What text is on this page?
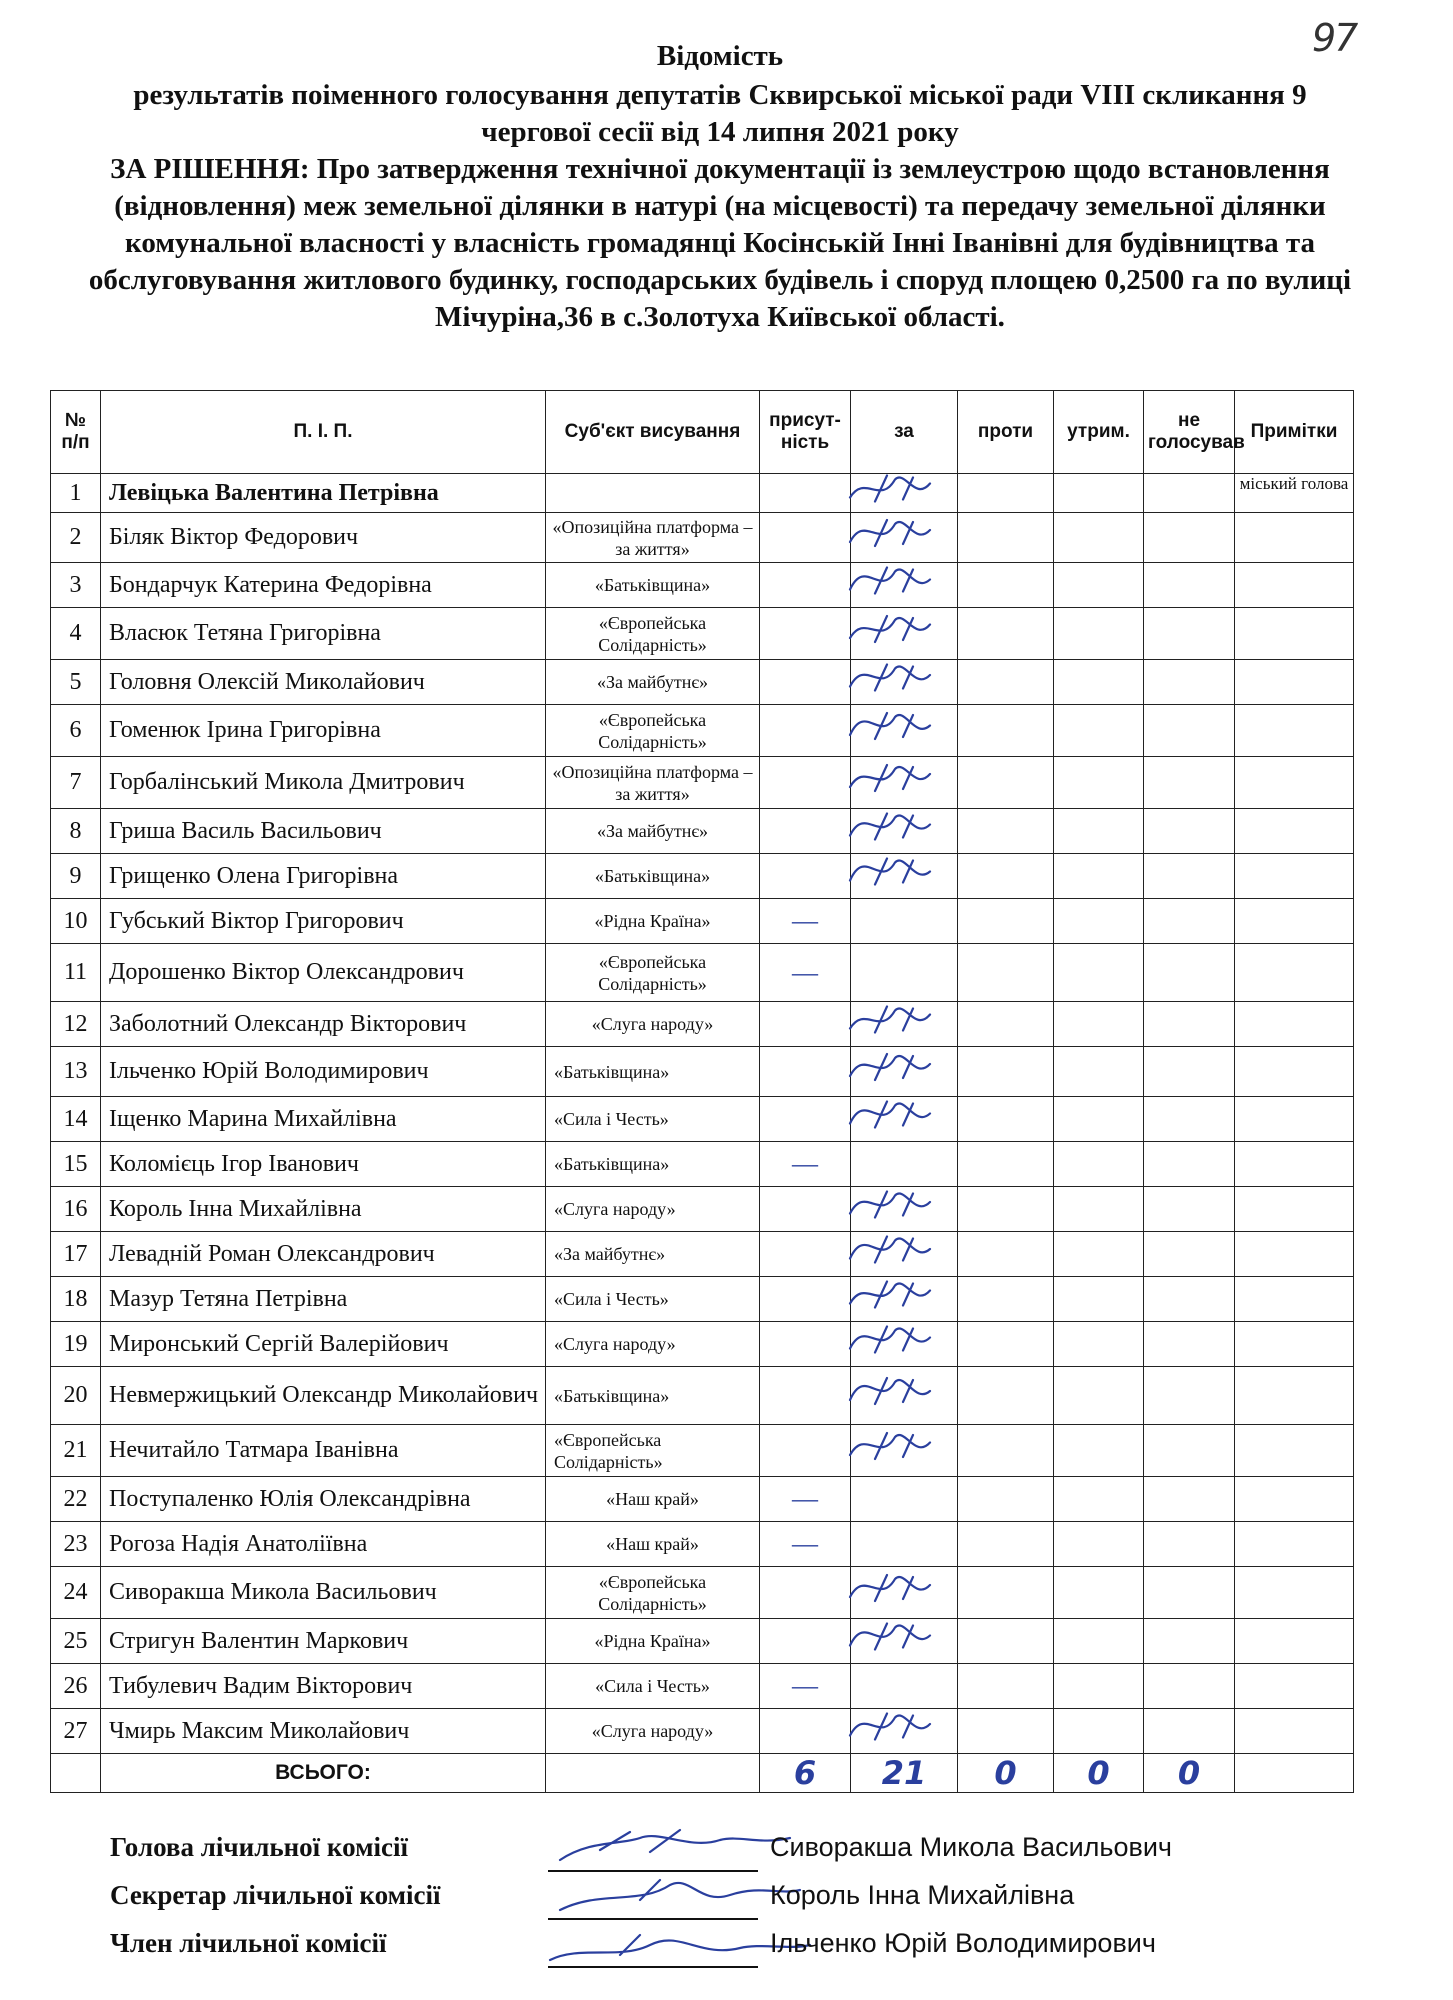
97
Відомість
результатів поіменного голосування депутатів Сквирської міської ради VIII скликання 9
чергової сесії від 14 липня 2021 року
ЗА РІШЕННЯ: Про затвердження технічної документації із землеустрою щодо встановлення (відновлення) меж земельної ділянки в натурі (на місцевості) та передачу земельної ділянки комунальної власності у власність громадянці Косінській Інні Іванівні для будівництва та обслуговування житлового будинку, господарських будівель і споруд площею 0,2500 га по вулиці Мічуріна,36 в с.Золотуха Київської області.
№ п/п	П. І. П.	Суб'єкт висування	присут-ність	за	проти	утрим.	не голосував	Примітки
1	Левіцька Валентина Петрівна							міський голова
2	Біляк Віктор Федорович	«Опозиційна платформа – за життя»						
3	Бондарчук Катерина Федорівна	«Батьківщина»						
4	Власюк Тетяна Григорівна	«Європейська Солідарність»						
5	Головня Олексій Миколайович	«За майбутнє»						
6	Гоменюк Ірина Григорівна	«Європейська Солідарність»						
7	Горбалінський Микола Дмитрович	«Опозиційна платформа – за життя»						
8	Гриша Василь Васильович	«За майбутнє»						
9	Грищенко Олена Григорівна	«Батьківщина»						
10	Губський Віктор Григорович	«Рідна Країна»	—					

11	Дорошенко Віктор Олександрович	«Європейська Солідарність»	—					

12	Заболотний Олександр Вікторович	«Слуга народу»						
13	Ільченко Юрій Володимирович	«Батьківщина»						
14	Іщенко Марина Михайлівна	«Сила і Честь»						
15	Коломієць Ігор Іванович	«Батьківщина»	—					

16	Король Інна Михайлівна	«Слуга народу»						
17	Левадній Роман Олександрович	«За майбутнє»						
18	Мазур Тетяна Петрівна	«Сила і Честь»						
19	Миронський Сергій Валерійович	«Слуга народу»						
20	Невмержицький Олександр Миколайович	«Батьківщина»						
21	Нечитайло Татмара Іванівна	«Європейська Солідарність»						
22	Поступаленко Юлія Олександрівна	«Наш край»	—					

23	Рогоза Надія Анатоліївна	«Наш край»	—					

24	Сиворакша Микола Васильович	«Європейська Солідарність»						
25	Стригун Валентин Маркович	«Рідна Країна»						
26	Тибулевич Вадим Вікторович	«Сила і Честь»	—					

27	Чмирь Максим Миколайович	«Слуга народу»						
	ВСЬОГО:		6	21	0	0	0	
Голова лічильної комісії	Сиворакша Микола Васильович
Секретар лічильної комісії	Король Інна Михайлівна
Член лічильної комісії	Ільченко Юрій Володимирович
